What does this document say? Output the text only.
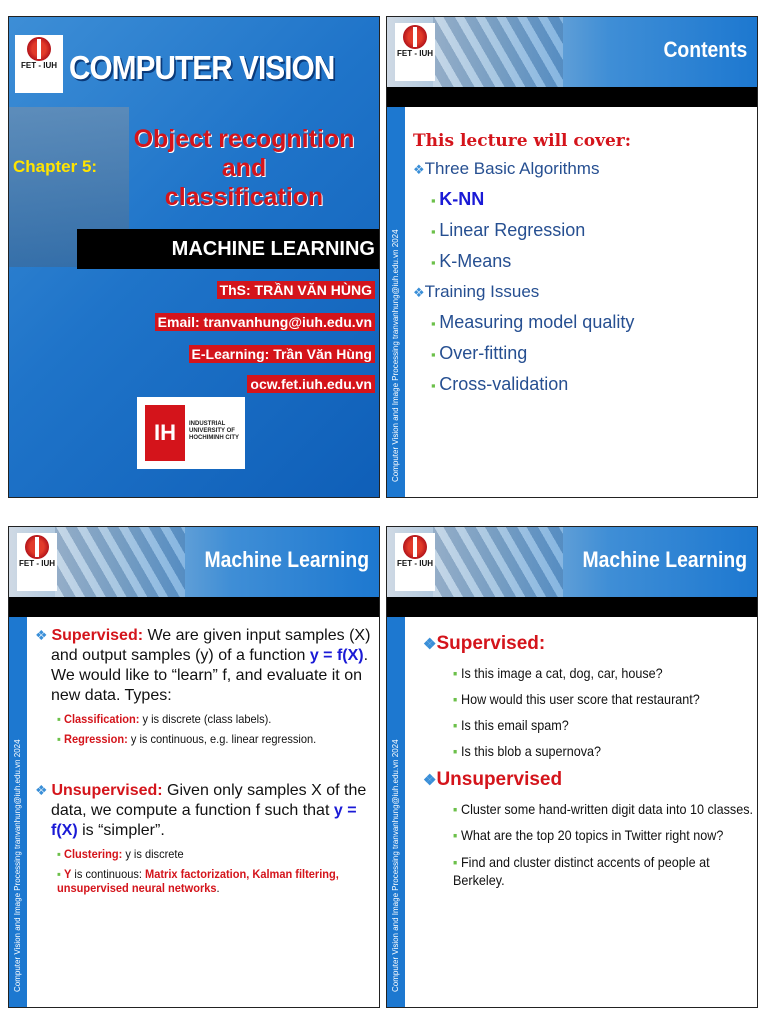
FET - IUH COMPUTER VISION
Object recognition and
classification
Chapter 5:
MACHINE LEARNING
ThS: TRẦN VĂN HÙNG
Email: tranvanhung@iuh.edu.vn
E-Learning: Trần Văn Hùng
ocw.fet.iuh.edu.vn
IH	INDUSTRIAL UNIVERSITY OF HOCHIMINH CITY
FET - IUH	Contents
Computer Vision and Image Processing tranvanhung@iuh.edu.vn 2024
This lecture will cover:
❖ Three Basic Algorithms
▪ K-NN
▪ Linear Regression
▪ K-Means
❖ Training Issues
▪ Measuring model quality
▪ Over-fitting
▪ Cross-validation
FET - IUH	Machine Learning
Computer Vision and Image Processing tranvanhung@iuh.edu.vn 2024

❖ Supervised: We are given input samples (X) and output samples (y) of a function y = f(X). We would like to “learn” f, and evaluate it on new data. Types:

▪ Classification: y is discrete (class labels).
▪ Regression: y is continuous, e.g. linear regression.

❖ Unsupervised: Given only samples X of the data, we compute a function f such that y = f(X) is “simpler”.

▪ Clustering: y is discrete
▪ Y is continuous: Matrix factorization, Kalman filtering, unsupervised neural networks.
FET - IUH	Machine Learning
Computer Vision and Image Processing tranvanhung@iuh.edu.vn 2024
❖ Supervised:
▪ Is this image a cat, dog, car, house?
▪ How would this user score that restaurant?
▪ Is this email spam?
▪ Is this blob a supernova?
❖ Unsupervised
▪ Cluster some hand-written digit data into 10 classes.
▪ What are the top 20 topics in Twitter right now?
▪ Find and cluster distinct accents of people at Berkeley.
